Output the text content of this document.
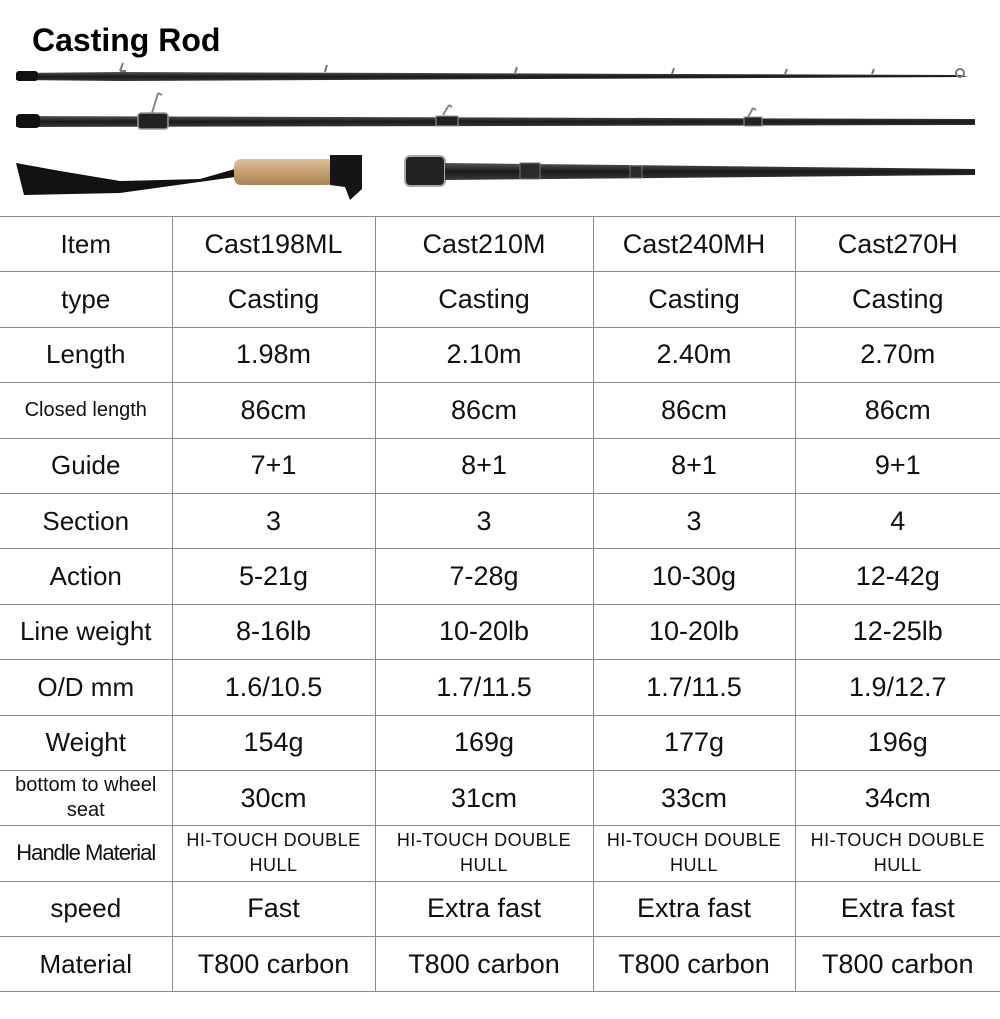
Casting Rod
Item	Cast198ML	Cast210M	Cast240MH	Cast270H
type	Casting	Casting	Casting	Casting
Length	1.98m	2.10m	2.40m	2.70m
Closed length	86cm	86cm	86cm	86cm
Guide	7+1	8+1	8+1	9+1
Section	3	3	3	4
Action	5-21g	7-28g	10-30g	12-42g
Line weight	8-16lb	10-20lb	10-20lb	12-25lb
O/D mm	1.6/10.5	1.7/11.5	1.7/11.5	1.9/12.7
Weight	154g	169g	177g	196g
bottom to wheel seat	30cm	31cm	33cm	34cm
Handle Material	HI-TOUCH DOUBLE HULL	HI-TOUCH DOUBLE HULL	HI-TOUCH DOUBLE HULL	HI-TOUCH DOUBLE HULL
speed	Fast	Extra fast	Extra fast	Extra fast
Material	T800 carbon	T800 carbon	T800 carbon	T800 carbon
